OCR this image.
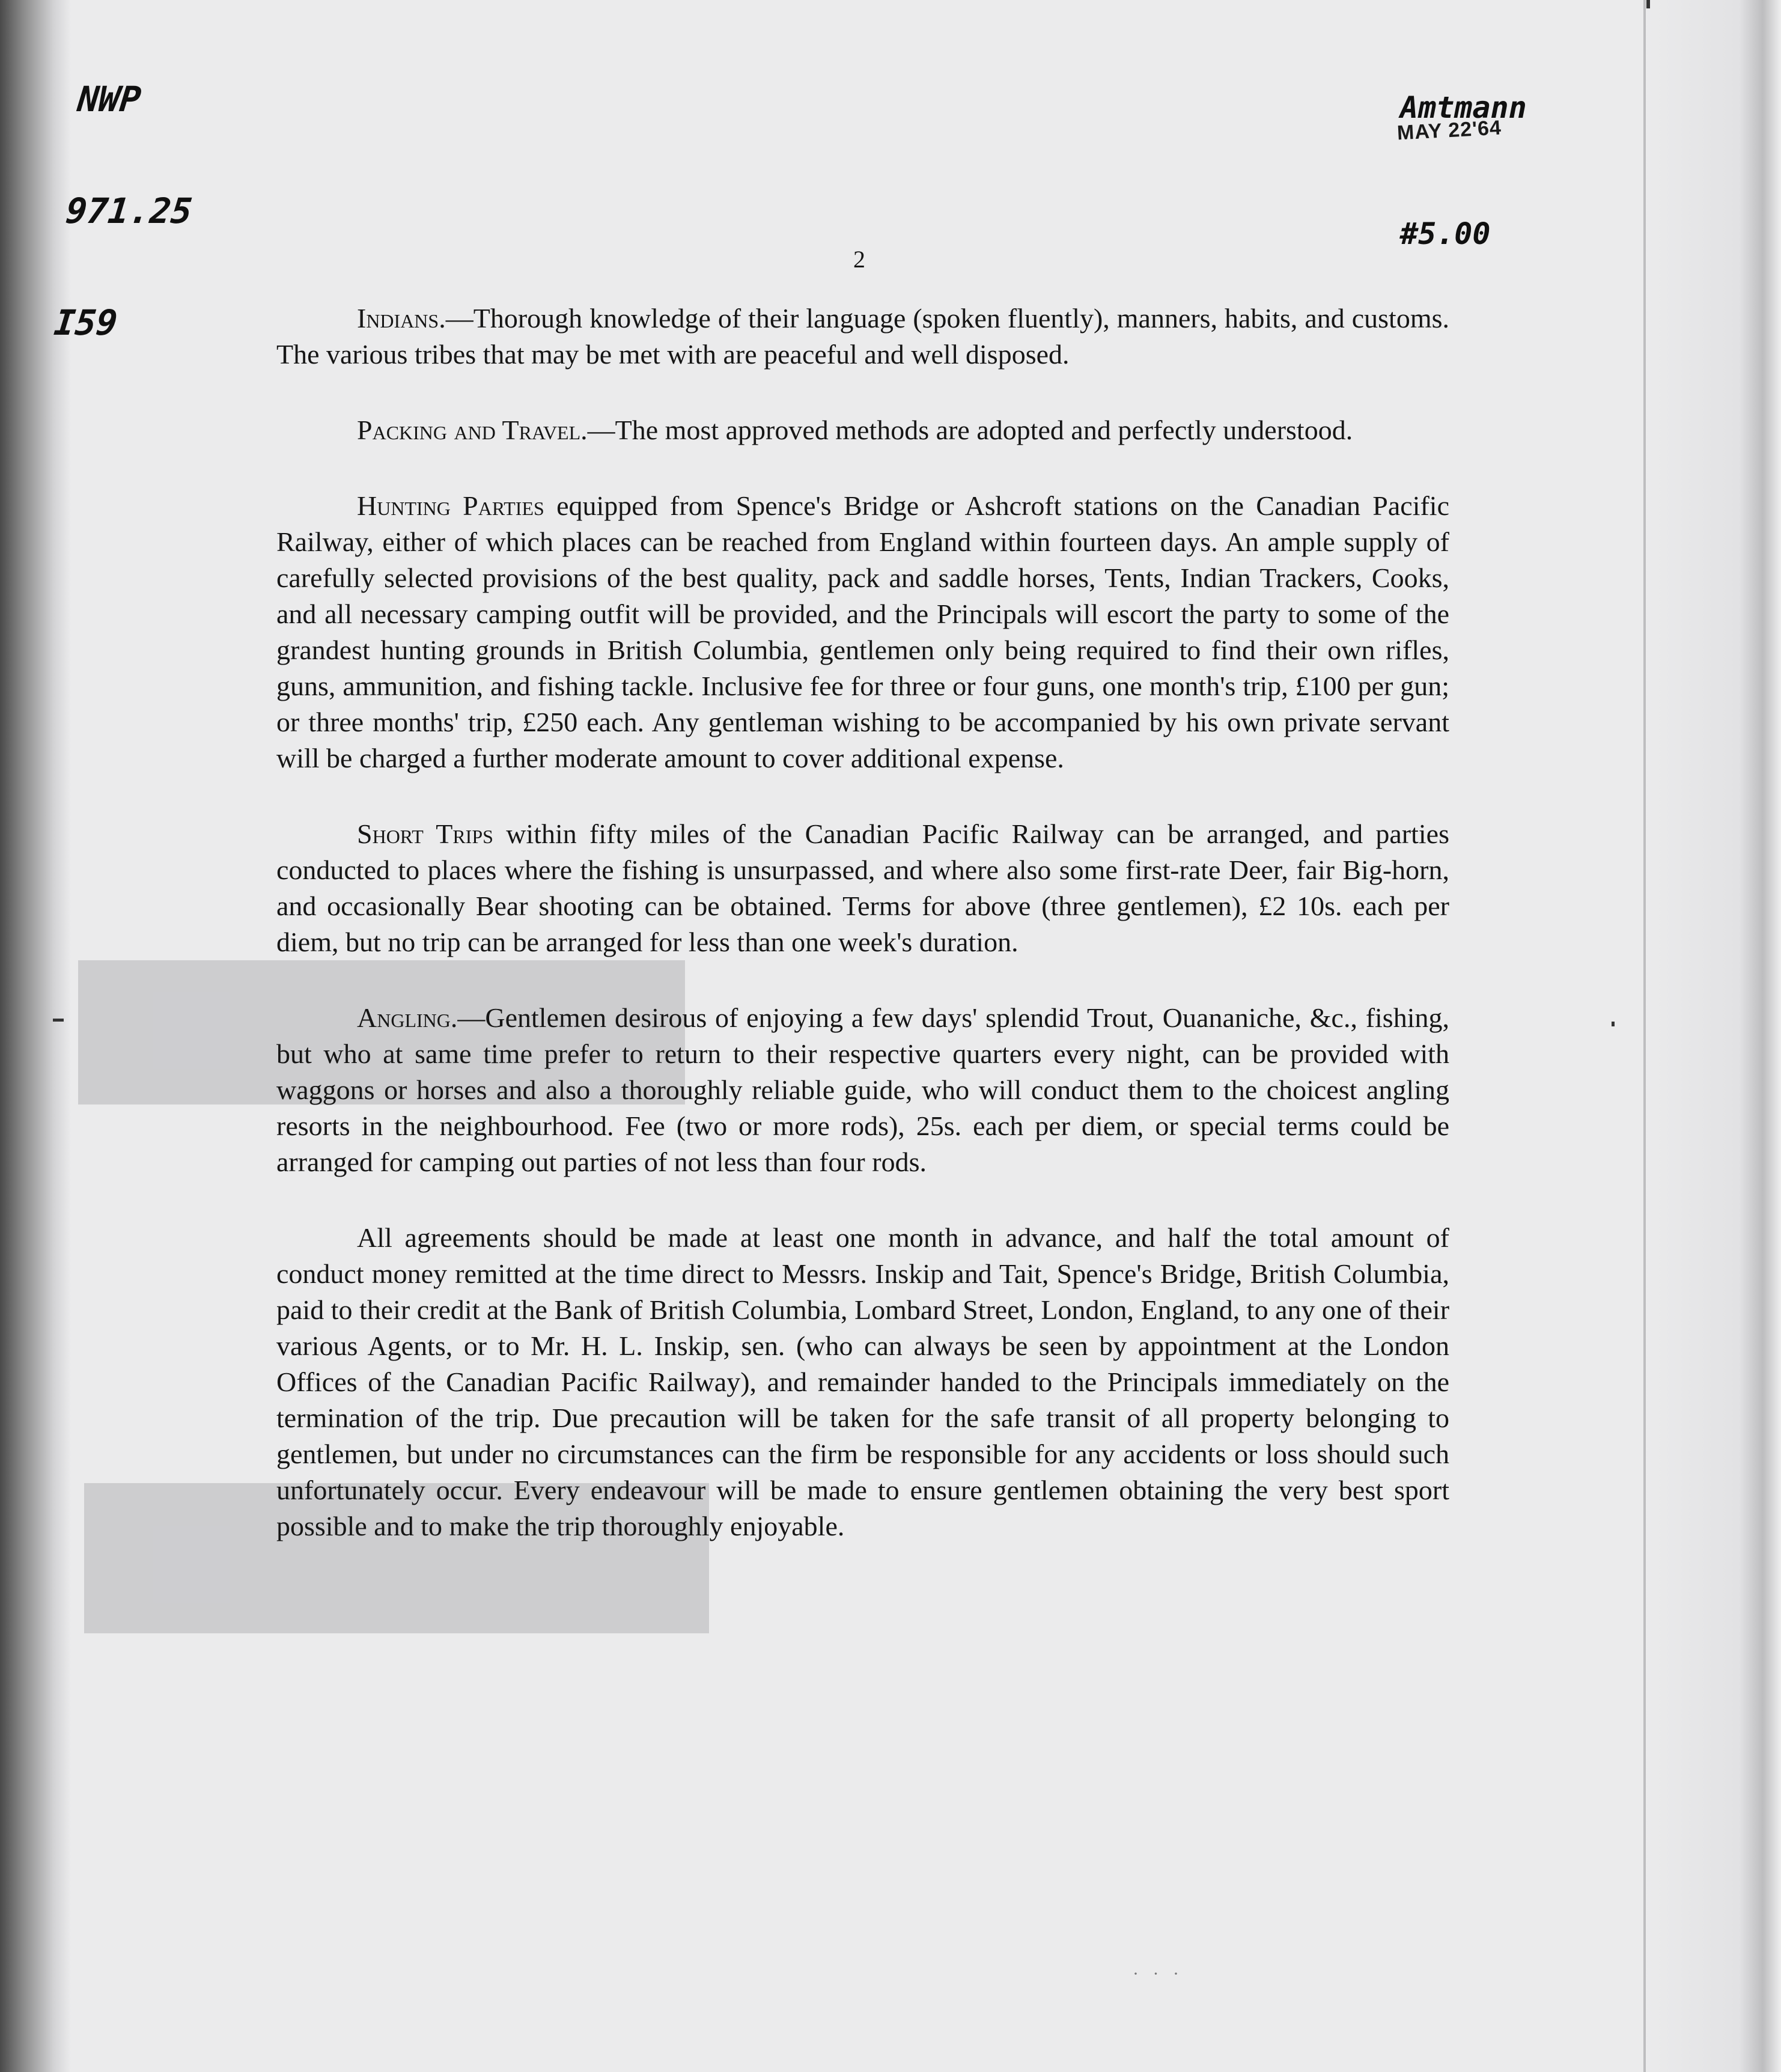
NWP

971.25

I59

Amtmann

#5.00

MAY 22'64
2

Indians.—Thorough knowledge of their language (spoken fluently), manners, habits, and customs. The various tribes that may be met with are peaceful and well disposed.

Packing and Travel.—The most approved methods are adopted and perfectly understood.

Hunting Parties equipped from Spence's Bridge or Ashcroft stations on the Canadian Pacific Railway, either of which places can be reached from England within fourteen days. An ample supply of carefully selected provisions of the best quality, pack and saddle horses, Tents, Indian Trackers, Cooks, and all necessary camping outfit will be provided, and the Principals will escort the party to some of the grandest hunting grounds in British Columbia, gentlemen only being required to find their own rifles, guns, ammunition, and fishing tackle. Inclusive fee for three or four guns, one month's trip, £100 per gun; or three months' trip, £250 each. Any gentleman wishing to be accompanied by his own private servant will be charged a further moderate amount to cover additional expense.

Short Trips within fifty miles of the Canadian Pacific Railway can be arranged, and parties conducted to places where the fishing is unsurpassed, and where also some first-rate Deer, fair Big-horn, and occasionally Bear shooting can be obtained. Terms for above (three gentlemen), £2 10s. each per diem, but no trip can be arranged for less than one week's duration.

Angling.—Gentlemen desirous of enjoying a few days' splendid Trout, Ouananiche, &c., fishing, but who at same time prefer to return to their respective quarters every night, can be provided with waggons or horses and also a thoroughly reliable guide, who will conduct them to the choicest angling resorts in the neighbourhood. Fee (two or more rods), 25s. each per diem, or special terms could be arranged for camping out parties of not less than four rods.

All agreements should be made at least one month in advance, and half the total amount of conduct money remitted at the time direct to Messrs. Inskip and Tait, Spence's Bridge, British Columbia, paid to their credit at the Bank of British Columbia, Lombard Street, London, England, to any one of their various Agents, or to Mr. H. L. Inskip, sen. (who can always be seen by appointment at the London Offices of the Canadian Pacific Railway), and remainder handed to the Principals immediately on the termination of the trip. Due precaution will be taken for the safe transit of all property belonging to gentlemen, but under no circumstances can the firm be responsible for any accidents or loss should such unfortunately occur. Every endeavour will be made to ensure gentlemen obtaining the very best sport possible and to make the trip thoroughly enjoyable.

· · ·
